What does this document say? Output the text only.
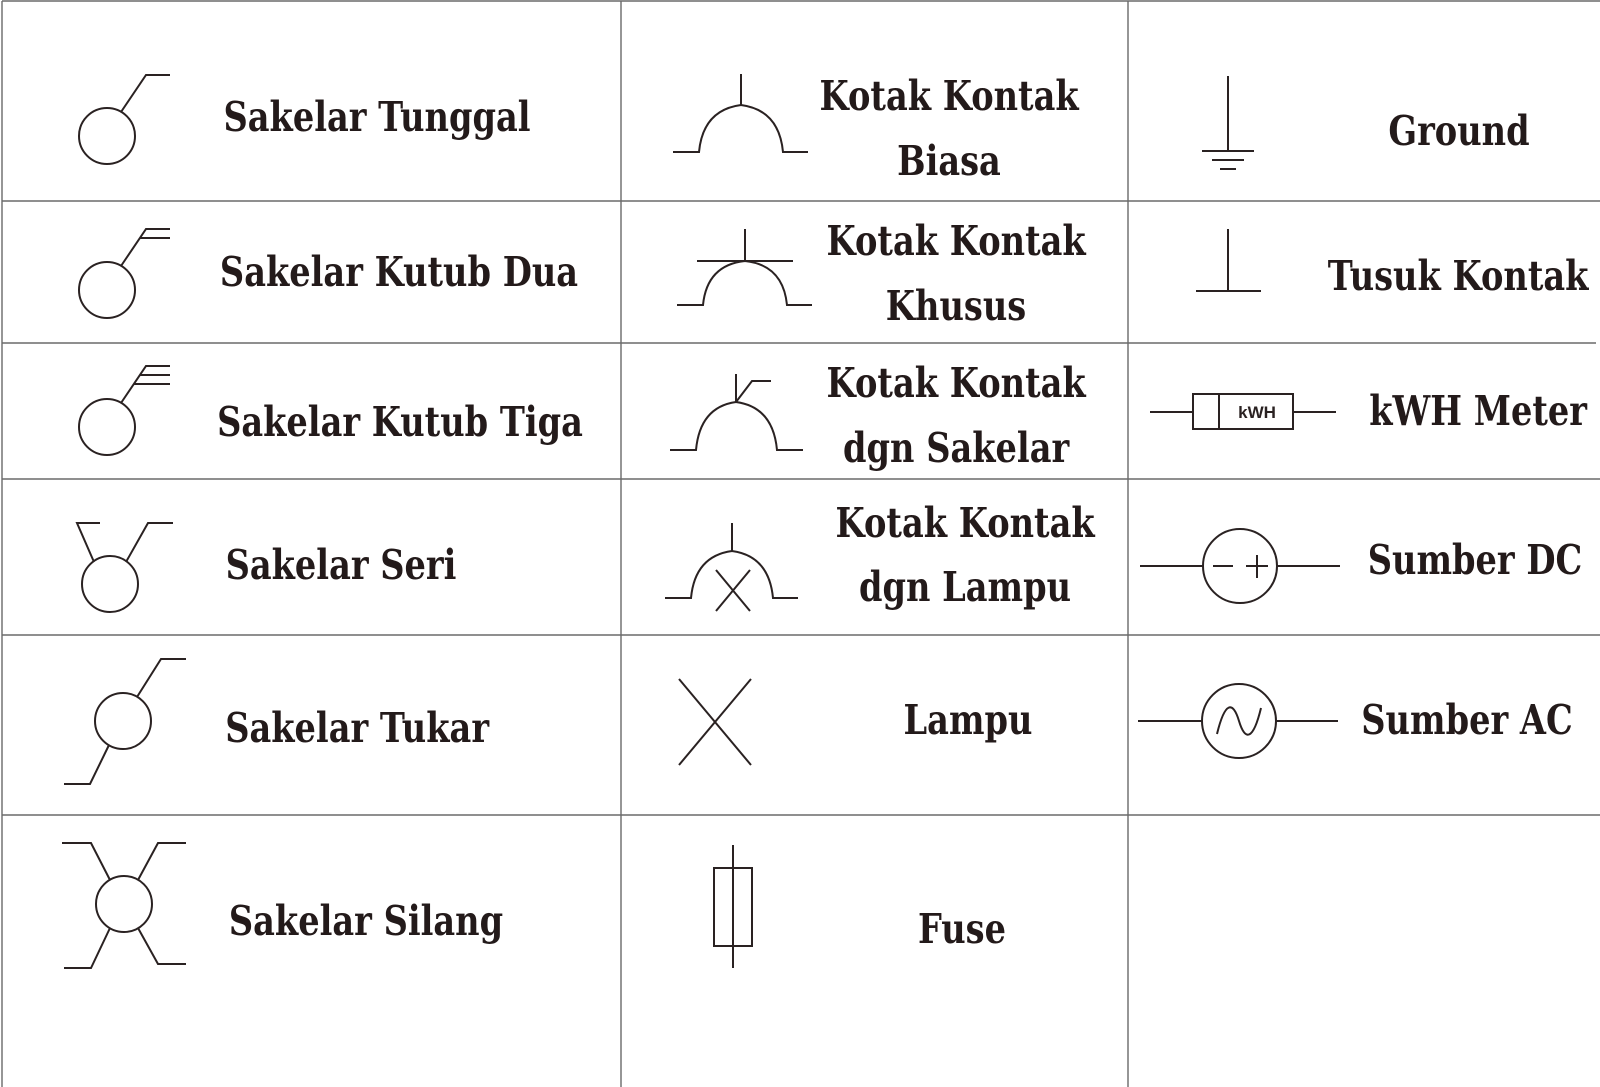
Sakelar Tunggal
Sakelar Kutub Dua
Sakelar Kutub Tiga
Sakelar Seri
Sakelar Tukar
Sakelar Silang
Kotak Kontak
Biasa
Kotak Kontak
Khusus
Kotak Kontak
dgn Sakelar
Kotak Kontak
dgn Lampu
Lampu
Fuse
Ground
Tusuk Kontak
kWH kWH Meter
Sumber DC
Sumber AC
